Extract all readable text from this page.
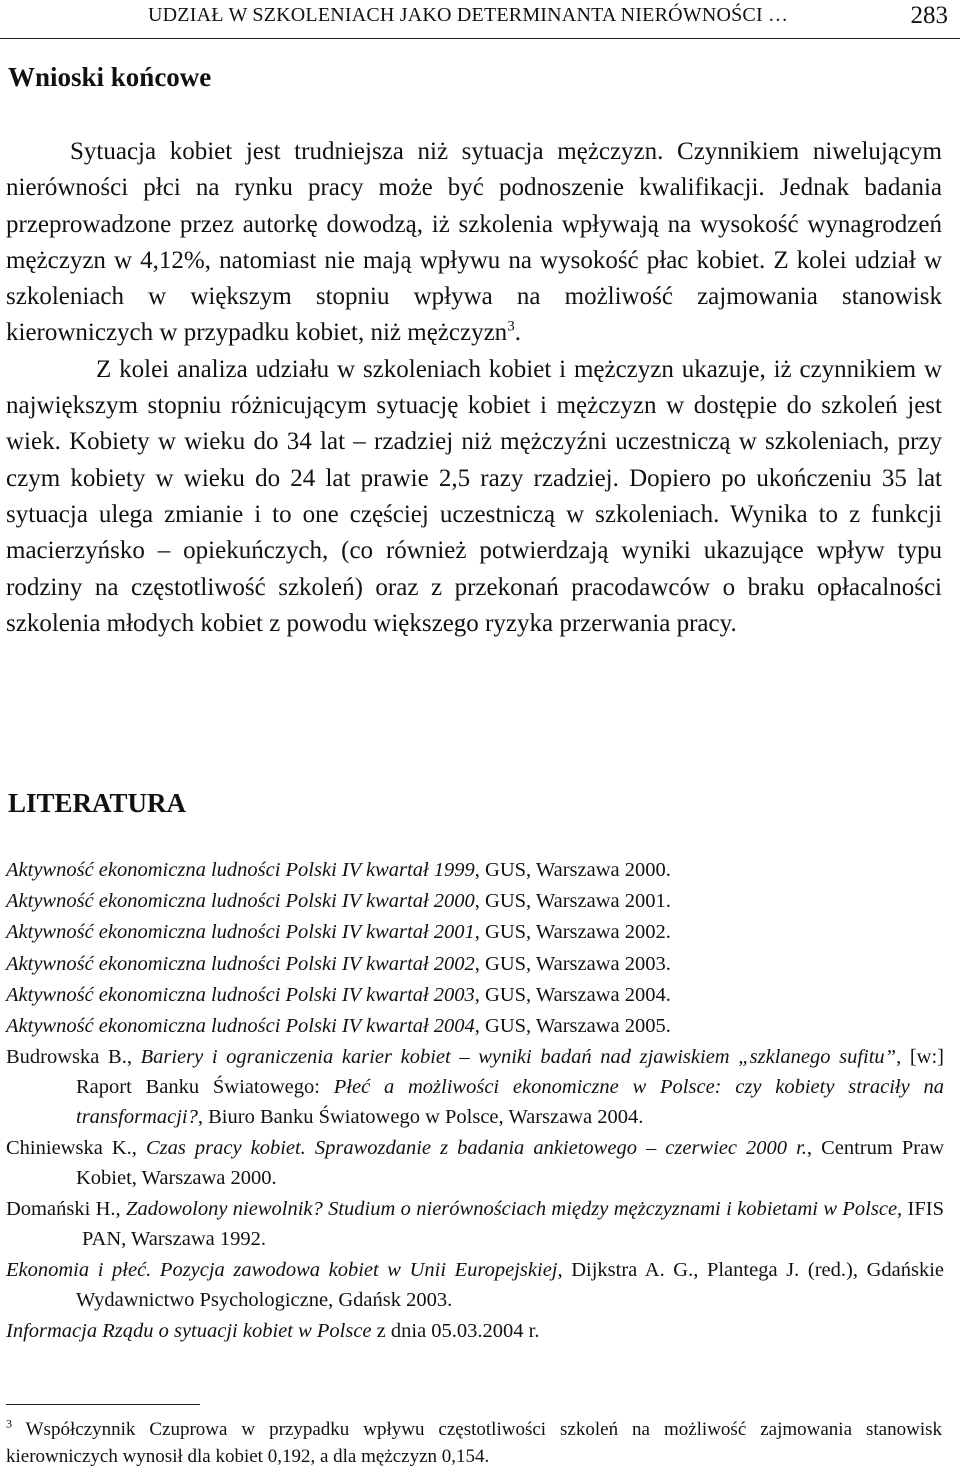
UDZIAŁ W SZKOLENIACH JAKO DETERMINANTA NIERÓWNOŚCI …	283
Wnioski końcowe

Sytuacja kobiet jest trudniejsza niż sytuacja mężczyzn. Czynnikiem niwelującym nierówności płci na rynku pracy może być podnoszenie kwalifikacji. Jednak badania przeprowadzone przez autorkę dowodzą, iż szkolenia wpływają na wysokość wynagrodzeń mężczyzn w 4,12%, natomiast nie mają wpływu na wysokość płac kobiet. Z kolei udział w szkoleniach w większym stopniu wpływa na możliwość zajmowania stanowisk kierowniczych w przypadku kobiet, niż mężczyzn$^3$.

Z kolei analiza udziału w szkoleniach kobiet i mężczyzn ukazuje, iż czynnikiem w największym stopniu różnicującym sytuację kobiet i mężczyzn w dostępie do szkoleń jest wiek. Kobiety w wieku do 34 lat – rzadziej niż mężczyźni uczestniczą w szkoleniach, przy czym kobiety w wieku do 24 lat prawie 2,5 razy rzadziej. Dopiero po ukończeniu 35 lat sytuacja ulega zmianie i to one częściej uczestniczą w szkoleniach. Wynika to z funkcji macierzyńsko – opiekuńczych, (co również potwierdzają wyniki ukazujące wpływ typu rodziny na częstotliwość szkoleń) oraz z przekonań pracodawców o braku opłacalności szkolenia młodych kobiet z powodu większego ryzyka przerwania pracy.

LITERATURA

Aktywność ekonomiczna ludności Polski IV kwartał 1999, GUS, Warszawa 2000.

Aktywność ekonomiczna ludności Polski IV kwartał 2000, GUS, Warszawa 2001.

Aktywność ekonomiczna ludności Polski IV kwartał 2001, GUS, Warszawa 2002.

Aktywność ekonomiczna ludności Polski IV kwartał 2002, GUS, Warszawa 2003.

Aktywność ekonomiczna ludności Polski IV kwartał 2003, GUS, Warszawa 2004.

Aktywność ekonomiczna ludności Polski IV kwartał 2004, GUS, Warszawa 2005.

Budrowska B., Bariery i ograniczenia karier kobiet – wyniki badań nad zjawiskiem „szklanego sufitu”, [w:] Raport Banku Światowego: Płeć a możliwości ekonomiczne w Polsce: czy kobiety straciły na transformacji?, Biuro Banku Światowego w Polsce, Warszawa 2004.

Chiniewska K., Czas pracy kobiet. Sprawozdanie z badania ankietowego – czerwiec 2000 r., Centrum Praw Kobiet, Warszawa 2000.

Domański H., Zadowolony niewolnik? Studium o nierównościach między mężczyznami i kobietami w Polsce, IFIS PAN, Warszawa 1992.

Ekonomia i płeć. Pozycja zawodowa kobiet w Unii Europejskiej, Dijkstra A. G., Plantega J. (red.), Gdańskie Wydawnictwo Psychologiczne, Gdańsk 2003.

Informacja Rządu o sytuacji kobiet w Polsce z dnia 05.03.2004 r.

$^3$ Współczynnik Czuprowa w przypadku wpływu częstotliwości szkoleń na możliwość zajmowania stanowisk kierowniczych wynosił dla kobiet 0,192, a dla mężczyzn 0,154.
